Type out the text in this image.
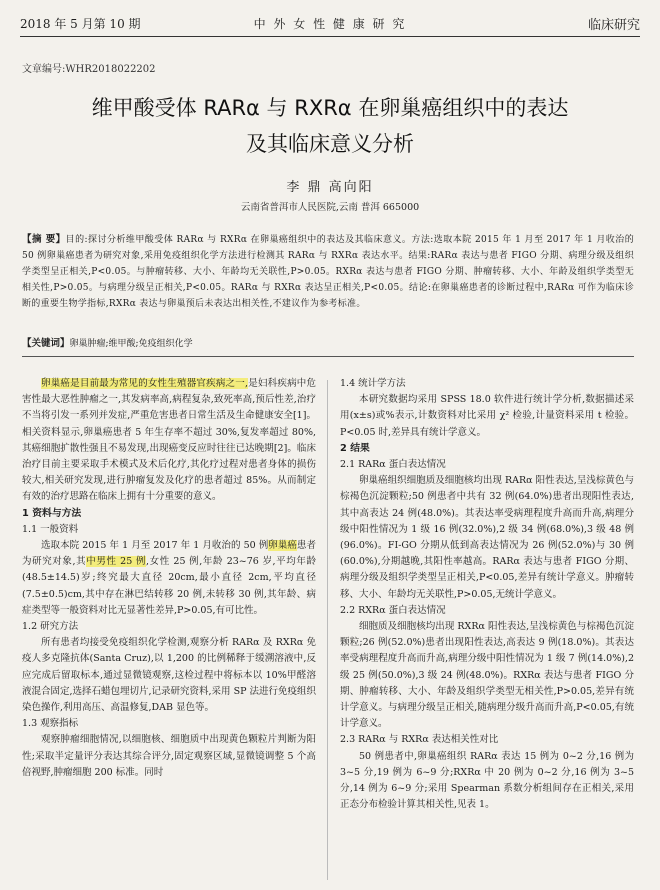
2018 年 5 月第 10 期	中 外 女 性 健 康 研 究	临床研究
文章编号:WHR2018022202
维甲酸受体 RARα 与 RXRα 在卵巢癌组织中的表达
及其临床意义分析
李 鼎 高向阳
云南省普洱市人民医院,云南 普洱 665000
【摘 要】目的:探讨分析维甲酸受体 RARα 与 RXRα 在卵巢癌组织中的表达及其临床意义。方法:选取本院 2015 年 1 月至 2017 年 1 月收治的 50 例卵巢癌患者为研究对象,采用免疫组织化学方法进行检测其 RARα 与 RXRα 表达水平。结果:RARα 表达与患者 FIGO 分期、病理分级及组织学类型呈正相关,P<0.05。与肿瘤转移、大小、年龄均无关联性,P>0.05。RXRα 表达与患者 FIGO 分期、肿瘤转移、大小、年龄及组织学类型无相关性,P>0.05。与病理分级呈正相关,P<0.05。RARα 与 RXRα 表达呈正相关,P<0.05。结论:在卵巢癌患者的诊断过程中,RARα 可作为临床诊断的重要生物学指标,RXRα 表达与卵巢预后未表达出相关性,不建议作为参考标准。
【关键词】卵巢肿瘤;维甲酸;免疫组织化学

卵巢癌是目前最为常见的女性生殖器官疾病之一,是妇科疾病中危害性最大恶性肿瘤之一,其发病率高,病程复杂,致死率高,预后性差,治疗不当将引发一系列并发症,严重危害患者日常生活及生命健康安全[1]。相关资料显示,卵巢癌患者 5 年生存率不超过 30%,复发率超过 80%,其癌细胞扩散性强且不易发现,出现癌变反应时往往已达晚期[2]。临床治疗目前主要采取手术模式及术后化疗,其化疗过程对患者身体的损伤较大,相关研究发现,进行肿瘤复发及化疗的患者超过 85%。从而制定有效的治疗思路在临床上拥有十分重要的意义。

1 资料与方法
1.1 一般资料

选取本院 2015 年 1 月至 2017 年 1 月收治的 50 例卵巢癌患者为研究对象,其中男性 25 例,女性 25 例,年龄 23~76 岁,平均年龄(48.5±14.5)岁;终究最大直径 20cm,最小直径 2cm,平均直径(7.5±0.5)cm,其中存在淋巴结转移 20 例,未转移 30 例,其年龄、病症类型等一般资料对比无显著性差异,P>0.05,有可比性。

1.2 研究方法

所有患者均接受免疫组织化学检测,观察分析 RARα 及 RXRα 免疫人多克隆抗体(Santa Cruz),以 1,200 的比例稀释于缓溯溶液中,反应完成后留取标本,通过显微镜观察,这检过程中将标本以 10%甲醛溶液混合固定,选择石蜡包埋切片,记录研究资料,采用 SP 法进行免疫组织染色操作,利用高压、高温修复,DAB 显色等。

1.3 观察指标

观察肿瘤细胞情况,以细胞核、细胞质中出现黄色颗粒片判断为阳性;采取半定量评分表达其综合评分,固定观察区域,显微镜调整 5 个高倍视野,肿瘤细胞 200 标准。同时

1.4 统计学方法

本研究数据均采用 SPSS 18.0 软件进行统计学分析,数据描述采用(x±s)或%表示,计数资料对比采用 χ² 检验,计量资料采用 t 检验。P<0.05 时,差异具有统计学意义。

2 结果
2.1 RARα 蛋白表达情况

卵巢癌组织细胞质及细胞核均出现 RARα 阳性表达,呈浅棕黄色与棕褐色沉淀颗粒;50 例患者中共有 32 例(64.0%)患者出现阳性表达,其中高表达 24 例(48.0%)。其表达率受病理程度升高而升高,病理分级中阳性情况为 1 级 16 例(32.0%),2 级 34 例(68.0%),3 级 48 例(96.0%)。FI-GO 分期从低到高表达情况为 26 例(52.0%)与 30 例(60.0%),分期越晚,其阳性率越高。RARα 表达与患者 FIGO 分期、病理分级及组织学类型呈正相关,P<0.05,差异有统计学意义。肿瘤转移、大小、年龄均无关联性,P>0.05,无统计学意义。

2.2 RXRα 蛋白表达情况

细胞质及细胞核均出现 RXRα 阳性表达,呈浅棕黄色与棕褐色沉淀颗粒;26 例(52.0%)患者出现阳性表达,高表达 9 例(18.0%)。其表达率受病理程度升高而升高,病理分级中阳性情况为 1 级 7 例(14.0%),2 级 25 例(50.0%),3 级 24 例(48.0%)。RXRα 表达与患者 FIGO 分期、肿瘤转移、大小、年龄及组织学类型无相关性,P>0.05,差异有统计学意义。与病理分级呈正相关,随病理分级升高而升高,P<0.05,有统计学意义。

2.3 RARα 与 RXRα 表达相关性对比

50 例患者中,卵巢癌组织 RARα 表达 15 例为 0~2 分,16 例为 3~5 分,19 例为 6~9 分;RXRα 中 20 例为 0~2 分,16 例为 3~5 分,14 例为 6~9 分;采用 Spearman 系数分析组间存在正相关,采用正态分布检验计算其相关性,见表 1。
